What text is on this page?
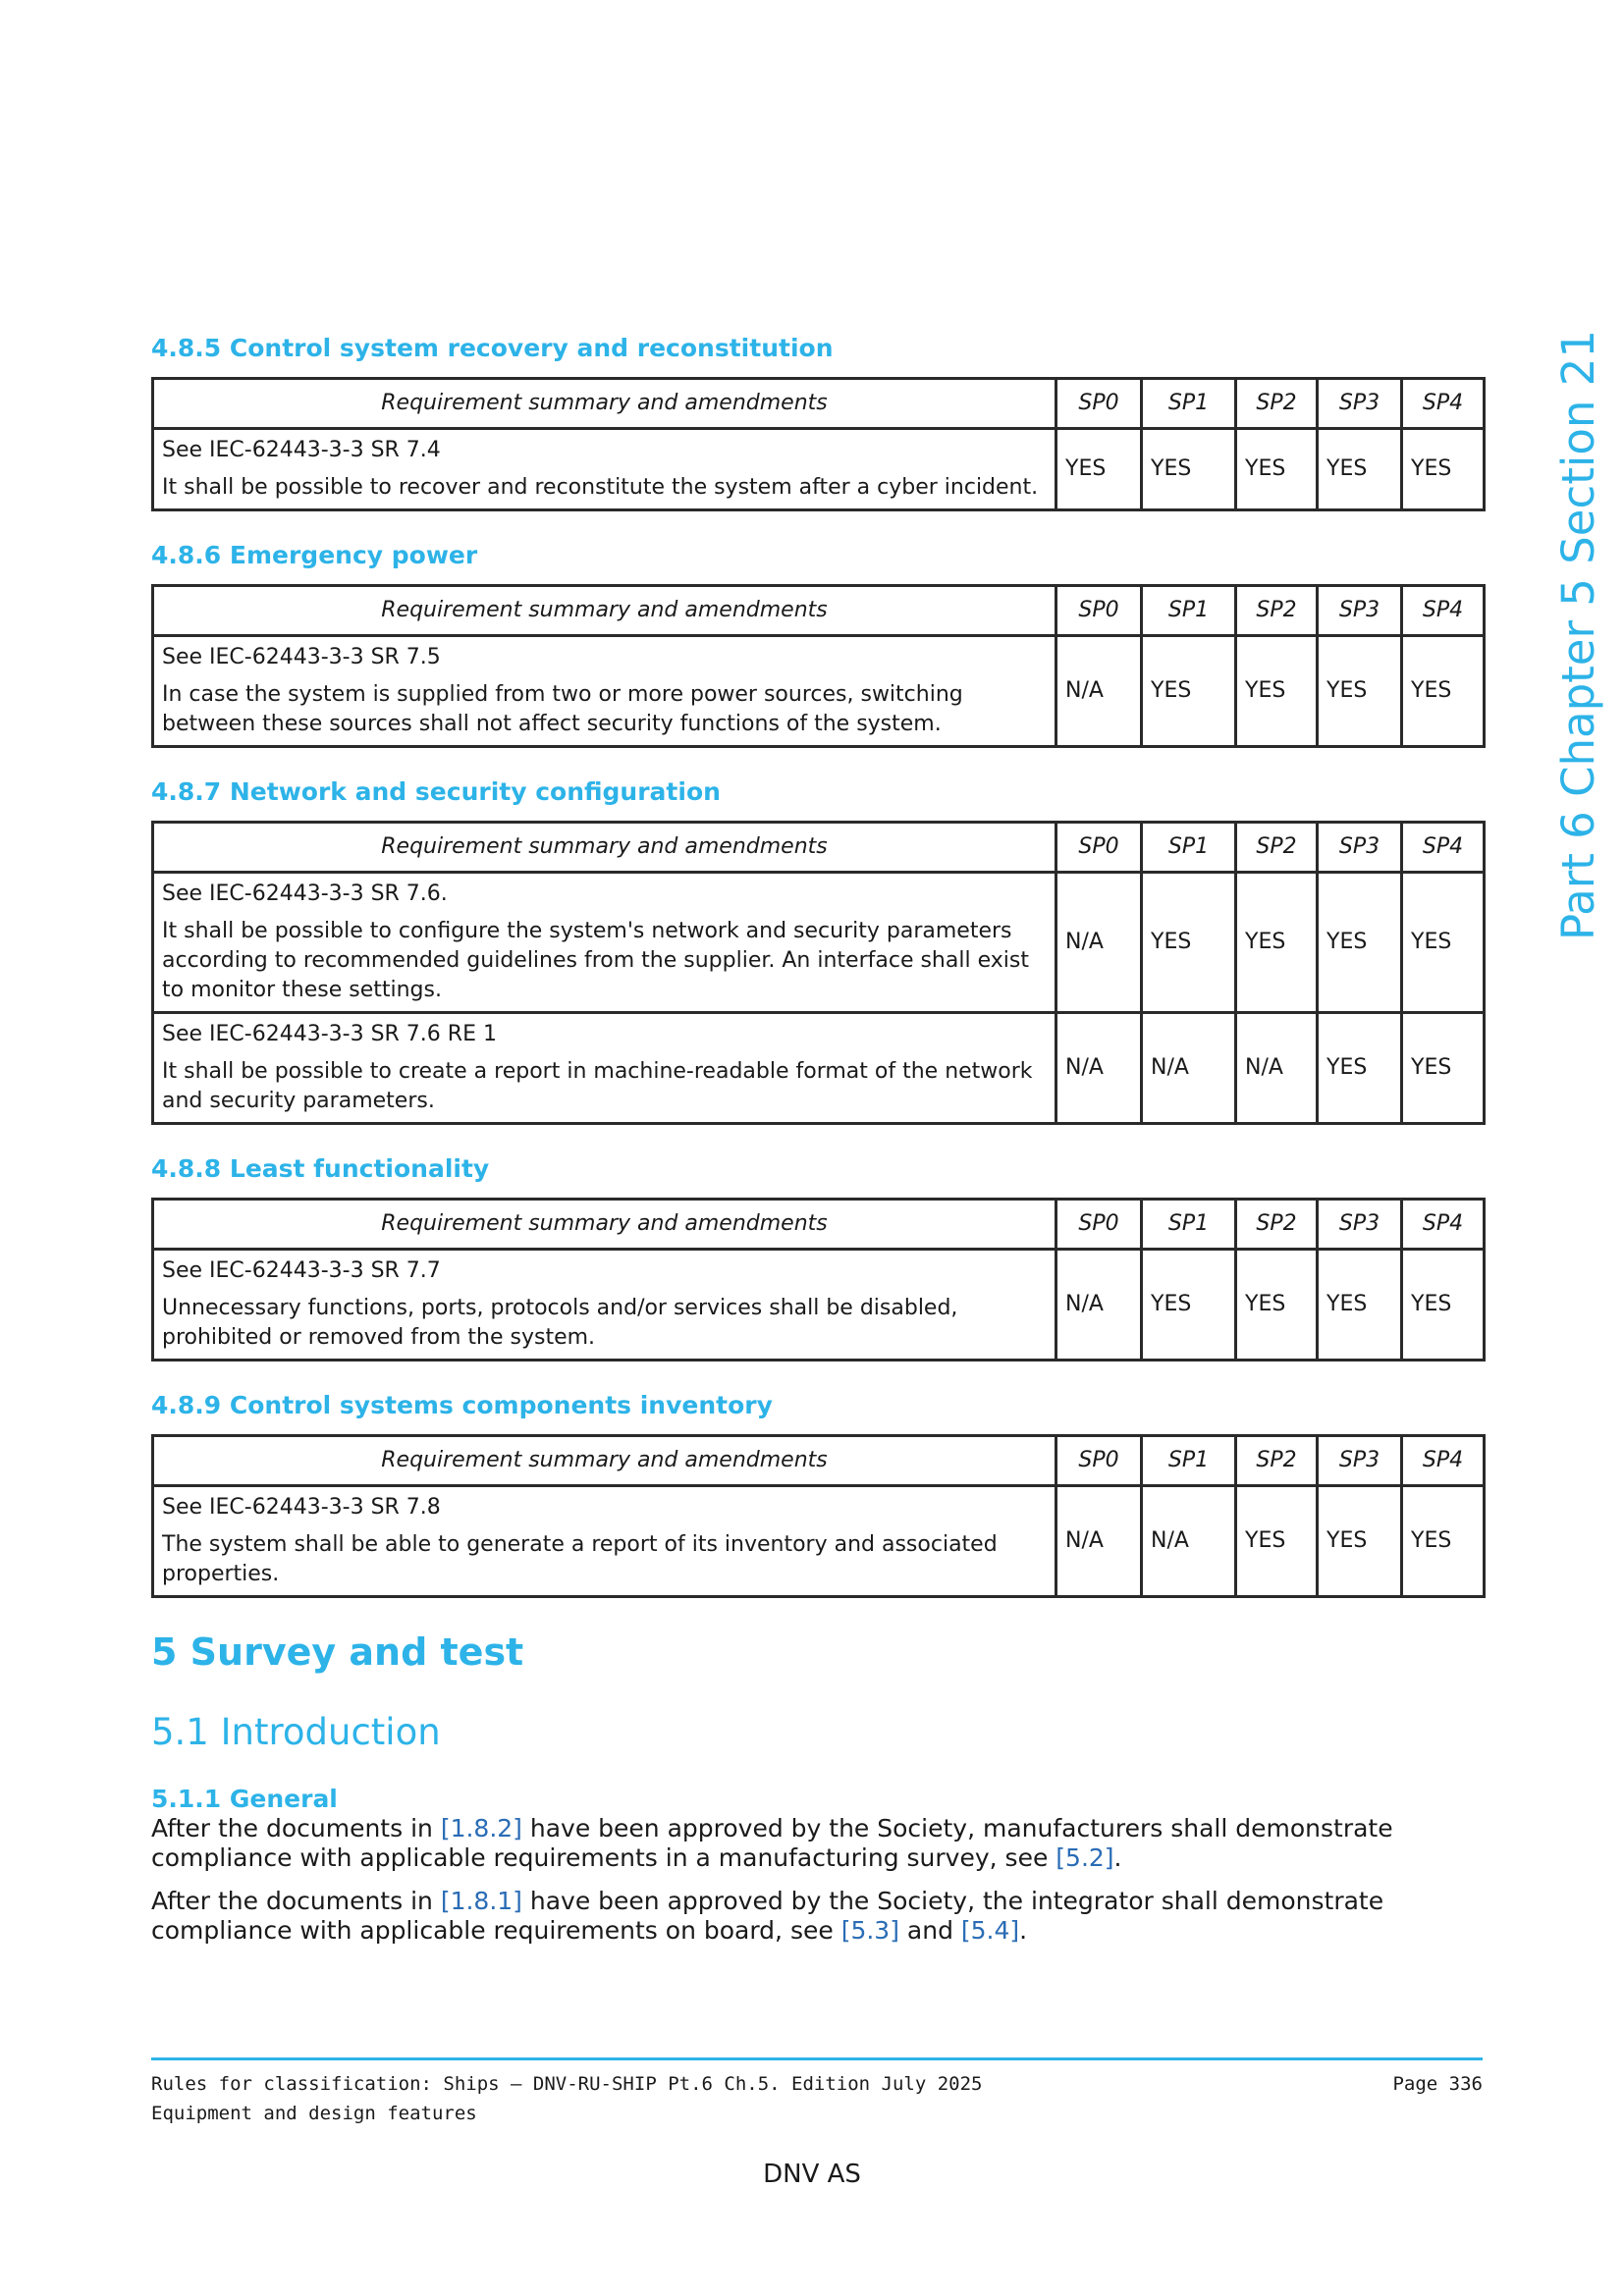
Part 6 Chapter 5 Section 21
4.8.5 Control system recovery and reconstitution
Requirement summary and amendments	SP0	SP1	SP2	SP3	SP4

See IEC-62443-3-3 SR 7.4
It shall be possible to recover and reconstitute the system after a cyber incident.	YES	YES	YES	YES	YES
4.8.6 Emergency power
Requirement summary and amendments	SP0	SP1	SP2	SP3	SP4

See IEC-62443-3-3 SR 7.5
In case the system is supplied from two or more power sources, switching between these sources shall not affect security functions of the system.	N/A	YES	YES	YES	YES
4.8.7 Network and security configuration
Requirement summary and amendments	SP0	SP1	SP2	SP3	SP4

See IEC-62443-3-3 SR 7.6.
It shall be possible to configure the system's network and security parameters according to recommended guidelines from the supplier. An interface shall exist to monitor these settings.	N/A	YES	YES	YES	YES

See IEC-62443-3-3 SR 7.6 RE 1
It shall be possible to create a report in machine-readable format of the network and security parameters.	N/A	N/A	N/A	YES	YES
4.8.8 Least functionality
Requirement summary and amendments	SP0	SP1	SP2	SP3	SP4

See IEC-62443-3-3 SR 7.7
Unnecessary functions, ports, protocols and/or services shall be disabled, prohibited or removed from the system.	N/A	YES	YES	YES	YES
4.8.9 Control systems components inventory
Requirement summary and amendments	SP0	SP1	SP2	SP3	SP4

See IEC-62443-3-3 SR 7.8
The system shall be able to generate a report of its inventory and associated properties.	N/A	N/A	YES	YES	YES
5 Survey and test
5.1 Introduction
5.1.1 General

After the documents in [1.8.2] have been approved by the Society, manufacturers shall demonstrate compliance with applicable requirements in a manufacturing survey, see [5.2].

After the documents in [1.8.1] have been approved by the Society, the integrator shall demonstrate compliance with applicable requirements on board, see [5.3] and [5.4].

Rules for classification: Ships — DNV-RU-SHIP Pt.6 Ch.5. Edition July 2025
Equipment and design features
Page 336
DNV AS
